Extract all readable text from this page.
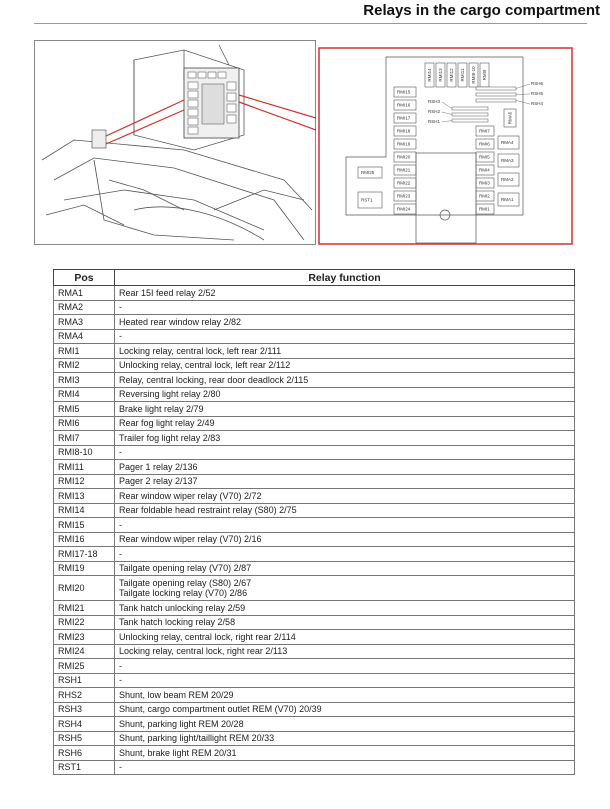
Relays in the cargo compartment
RMI14 RMI13 RMI12 RMI11 RMI8-10 RMI9
RMI15
RMI16
RMI17
RMI18
RMI19
RMI20
RMI21
RMI22
RMI23
RMI24
RMI25
RST1
RMI7
RMI6
RMI5
RMI4
RMI3
RMI2
RMI1
RMA4
RMA3
RMA2
RMA1
RMA5
RSH6
RSH3
RSH5
RSH2
RSH4
RSH1
Pos	Relay function
RMA1	Rear 15I feed relay 2/52

RMA2	-

RMA3	Heated rear window relay 2/82

RMA4	-

RMI1	Locking relay, central lock, left rear 2/111

RMI2	Unlocking relay, central lock, left rear 2/112

RMI3	Relay, central locking, rear door deadlock 2/115

RMI4	Reversing light relay 2/80

RMI5	Brake light relay 2/79

RMI6	Rear fog light relay 2/49

RMI7	Trailer fog light relay 2/83

RMI8-10	-

RMI11	Pager 1 relay 2/136

RMI12	Pager 2 relay 2/137

RMI13	Rear window wiper relay (V70) 2/72

RMI14	Rear foldable head restraint relay (S80) 2/75

RMI15	-

RMI16	Rear window wiper relay (V70) 2/16

RMI17-18	-

RMI19	Tailgate opening relay (V70) 2/87

RMI20	Tailgate opening relay (S80) 2/67
Tailgate locking relay (V70) 2/86

RMI21	Tank hatch unlocking relay 2/59

RMI22	Tank hatch locking relay 2/58

RMI23	Unlocking relay, central lock, right rear 2/114

RMI24	Locking relay, central lock, right rear 2/113

RMI25	-

RSH1	-

RHS2	Shunt, low beam REM 20/29

RSH3	Shunt, cargo compartment outlet REM (V70) 20/39

RSH4	Shunt, parking light REM 20/28

RSH5	Shunt, parking light/taillight REM 20/33

RSH6	Shunt, brake light REM 20/31

RST1	-
